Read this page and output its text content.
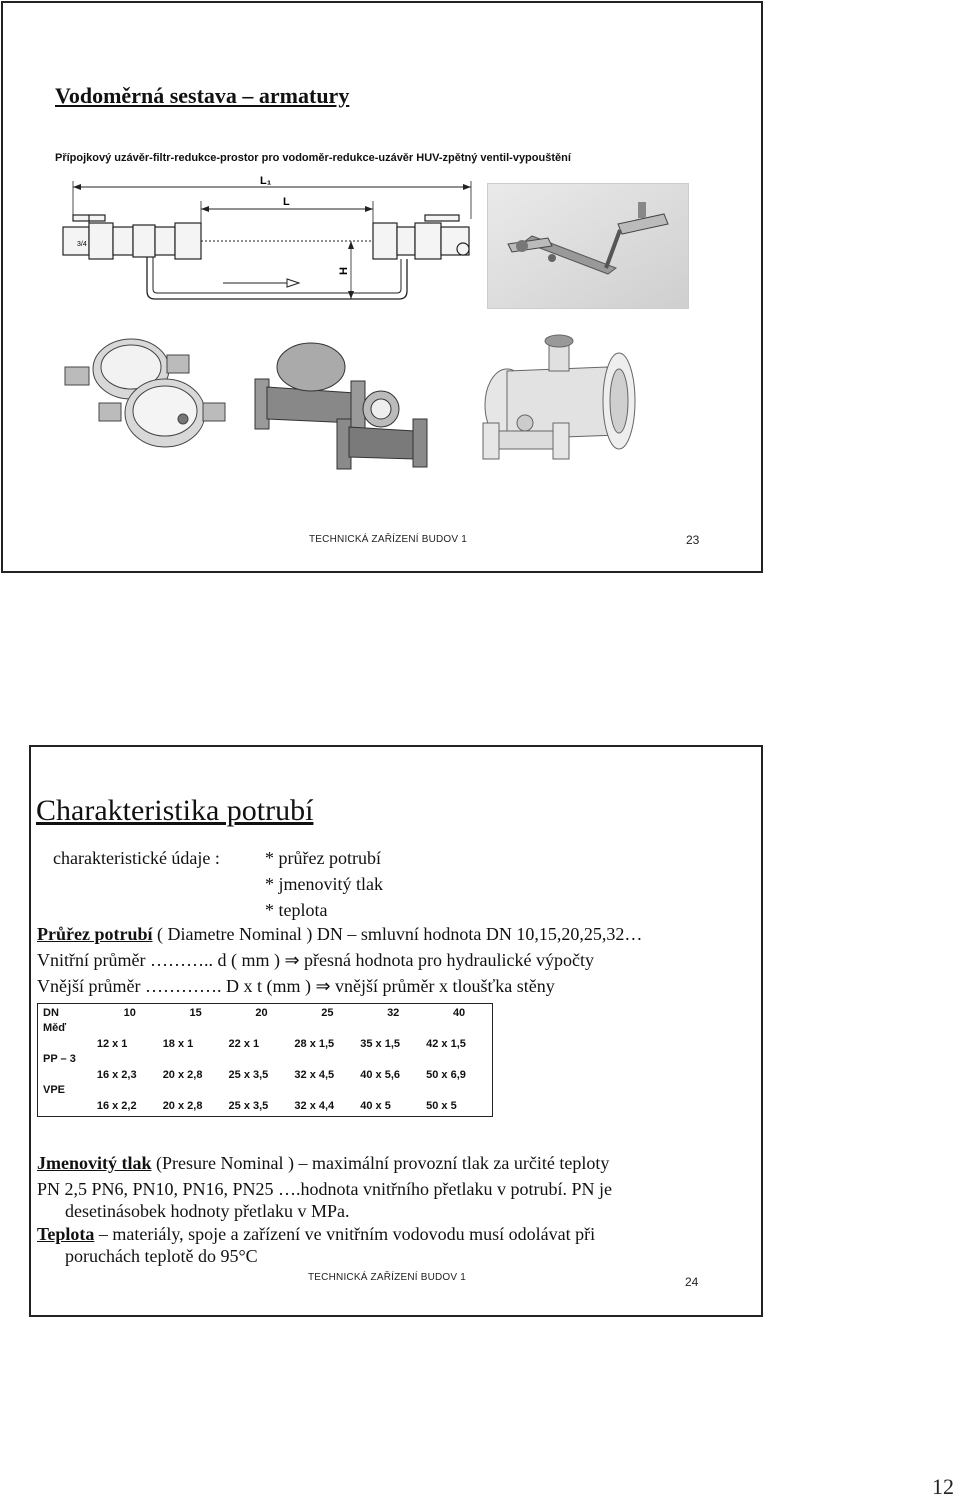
Vodoměrná sestava – armatury
Přípojkový uzávěr-filtr-redukce-prostor pro vodoměr-redukce-uzávěr HUV-zpětný ventil-vypouštění
L₁
L
3/4
H
TECHNICKÁ ZAŘÍZENÍ BUDOV 1	23
Charakteristika potrubí
charakteristické údaje :	* průřez potrubí
* jmenovitý tlak
* teplota
Průřez potrubí ( Diametre Nominal ) DN – smluvní hodnota DN 10,15,20,25,32…
Vnitřní průměr ……….. d ( mm ) ⇒ přesná hodnota pro hydraulické výpočty
Vnější průměr …………. D x t (mm ) ⇒ vnější průměr x tloušťka stěny
DN	10	15	20	25	32	40
Měď	12 x 1	18 x 1	22 x 1	28 x 1,5	35 x 1,5	42 x 1,5
PP – 3	16 x 2,3	20 x 2,8	25 x 3,5	32 x 4,5	40 x 5,6	50 x 6,9
VPE	16 x 2,2	20 x 2,8	25 x 3,5	32 x 4,4	40 x 5	50 x 5
Jmenovitý tlak (Presure Nominal ) – maximální provozní tlak za určité teploty
PN 2,5 PN6, PN10, PN16, PN25 ….hodnota vnitřního přetlaku v potrubí. PN je
desetinásobek hodnoty přetlaku v MPa.
Teplota – materiály, spoje a zařízení ve vnitřním vodovodu musí odolávat při
poruchách teplotě do 95°C
TECHNICKÁ ZAŘÍZENÍ BUDOV 1	24
12
